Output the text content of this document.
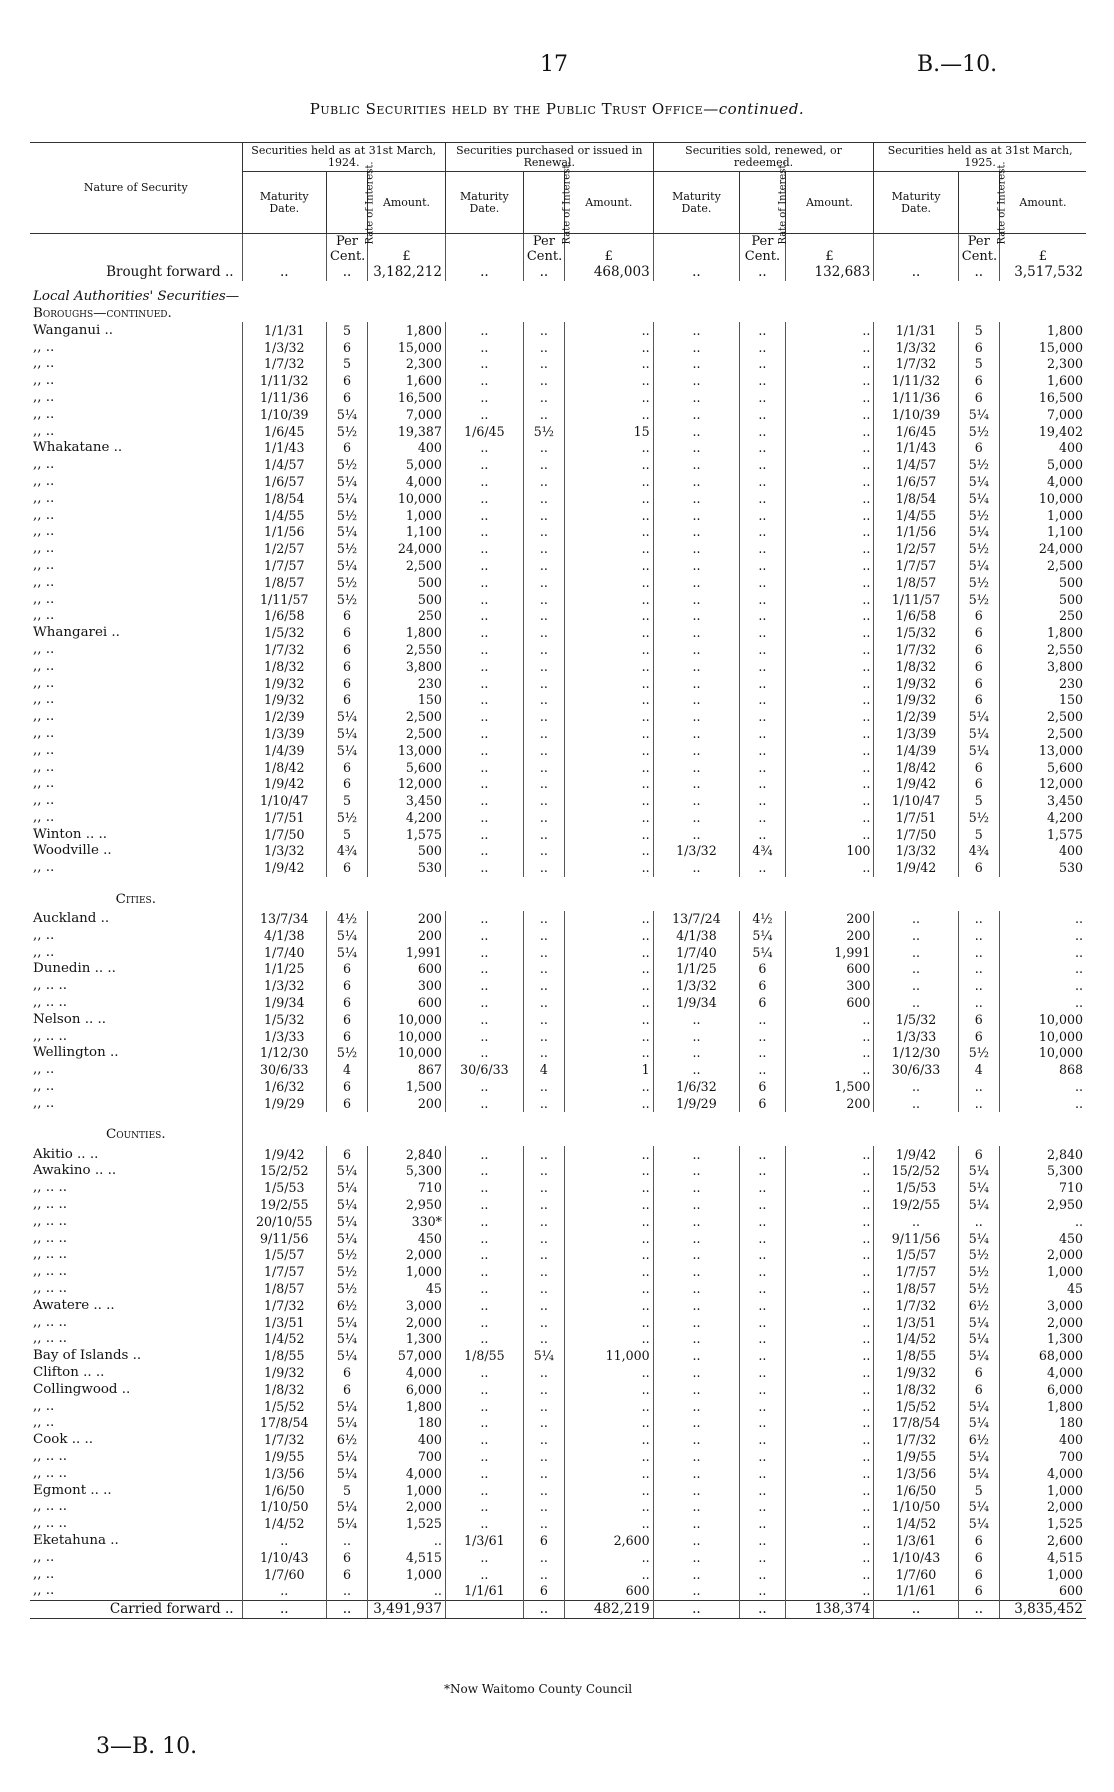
17	B.—10.
Public Securities held by the Public Trust Office—continued.
Nature of Security	Securities held as at 31st March, 1924.			Securities purchased or issued in Renewal.			Securities sold, renewed, or redeemed.			Securities held as at 31st March, 1925.		
	Maturity Date.	Rate of Interest.	Amount.	Maturity Date.	Rate of Interest.	Amount.	Maturity Date.	Rate of Interest.	Amount.	Maturity Date.	Rate of Interest.	Amount.
		Per Cent.	£		Per Cent.	£		Per Cent.	£		Per Cent.	£
Brought forward ..	..	..	3,182,212	..	..	468,003	..	..	132,683	..	..	3,517,532
Local Authorities' Securities—												
Boroughs—continued.												
Wanganui ..	1/1/31	5	1,800	..	..	..	..	..	..	1/1/31	5	1,800
,, ..	1/3/32	6	15,000	..	..	..	..	..	..	1/3/32	6	15,000
,, ..	1/7/32	5	2,300	..	..	..	..	..	..	1/7/32	5	2,300
,, ..	1/11/32	6	1,600	..	..	..	..	..	..	1/11/32	6	1,600
,, ..	1/11/36	6	16,500	..	..	..	..	..	..	1/11/36	6	16,500
,, ..	1/10/39	5¼	7,000	..	..	..	..	..	..	1/10/39	5¼	7,000
,, ..	1/6/45	5½	19,387	1/6/45	5½	15	..	..	..	1/6/45	5½	19,402
Whakatane ..	1/1/43	6	400	..	..	..	..	..	..	1/1/43	6	400
,, ..	1/4/57	5½	5,000	..	..	..	..	..	..	1/4/57	5½	5,000
,, ..	1/6/57	5¼	4,000	..	..	..	..	..	..	1/6/57	5¼	4,000
,, ..	1/8/54	5¼	10,000	..	..	..	..	..	..	1/8/54	5¼	10,000
,, ..	1/4/55	5½	1,000	..	..	..	..	..	..	1/4/55	5½	1,000
,, ..	1/1/56	5¼	1,100	..	..	..	..	..	..	1/1/56	5¼	1,100
,, ..	1/2/57	5½	24,000	..	..	..	..	..	..	1/2/57	5½	24,000
,, ..	1/7/57	5¼	2,500	..	..	..	..	..	..	1/7/57	5¼	2,500
,, ..	1/8/57	5½	500	..	..	..	..	..	..	1/8/57	5½	500
,, ..	1/11/57	5½	500	..	..	..	..	..	..	1/11/57	5½	500
,, ..	1/6/58	6	250	..	..	..	..	..	..	1/6/58	6	250
Whangarei ..	1/5/32	6	1,800	..	..	..	..	..	..	1/5/32	6	1,800
,, ..	1/7/32	6	2,550	..	..	..	..	..	..	1/7/32	6	2,550
,, ..	1/8/32	6	3,800	..	..	..	..	..	..	1/8/32	6	3,800
,, ..	1/9/32	6	230	..	..	..	..	..	..	1/9/32	6	230
,, ..	1/9/32	6	150	..	..	..	..	..	..	1/9/32	6	150
,, ..	1/2/39	5¼	2,500	..	..	..	..	..	..	1/2/39	5¼	2,500
,, ..	1/3/39	5¼	2,500	..	..	..	..	..	..	1/3/39	5¼	2,500
,, ..	1/4/39	5¼	13,000	..	..	..	..	..	..	1/4/39	5¼	13,000
,, ..	1/8/42	6	5,600	..	..	..	..	..	..	1/8/42	6	5,600
,, ..	1/9/42	6	12,000	..	..	..	..	..	..	1/9/42	6	12,000
,, ..	1/10/47	5	3,450	..	..	..	..	..	..	1/10/47	5	3,450
,, ..	1/7/51	5½	4,200	..	..	..	..	..	..	1/7/51	5½	4,200
Winton .. ..	1/7/50	5	1,575	..	..	..	..	..	..	1/7/50	5	1,575
Woodville ..	1/3/32	4¾	500	..	..	..	1/3/32	4¾	100	1/3/32	4¾	400
,, ..	1/9/42	6	530	..	..	..	..	..	..	1/9/42	6	530
Cities.												
Auckland ..	13/7/34	4½	200	..	..	..	13/7/24	4½	200	..	..	..
,, ..	4/1/38	5¼	200	..	..	..	4/1/38	5¼	200	..	..	..
,, ..	1/7/40	5¼	1,991	..	..	..	1/7/40	5¼	1,991	..	..	..
Dunedin .. ..	1/1/25	6	600	..	..	..	1/1/25	6	600	..	..	..
,, .. ..	1/3/32	6	300	..	..	..	1/3/32	6	300	..	..	..
,, .. ..	1/9/34	6	600	..	..	..	1/9/34	6	600	..	..	..
Nelson .. ..	1/5/32	6	10,000	..	..	..	..	..	..	1/5/32	6	10,000
,, .. ..	1/3/33	6	10,000	..	..	..	..	..	..	1/3/33	6	10,000
Wellington ..	1/12/30	5½	10,000	..	..	..	..	..	..	1/12/30	5½	10,000
,, ..	30/6/33	4	867	30/6/33	4	1	..	..	..	30/6/33	4	868
,, ..	1/6/32	6	1,500	..	..	..	1/6/32	6	1,500	..	..	..
,, ..	1/9/29	6	200	..	..	..	1/9/29	6	200	..	..	..
Counties.												
Akitio .. ..	1/9/42	6	2,840	..	..	..	..	..	..	1/9/42	6	2,840
Awakino .. ..	15/2/52	5¼	5,300	..	..	..	..	..	..	15/2/52	5¼	5,300
,, .. ..	1/5/53	5¼	710	..	..	..	..	..	..	1/5/53	5¼	710
,, .. ..	19/2/55	5¼	2,950	..	..	..	..	..	..	19/2/55	5¼	2,950
,, .. ..	20/10/55	5¼	330*	..	..	..	..	..	..	..	..	..
,, .. ..	9/11/56	5¼	450	..	..	..	..	..	..	9/11/56	5¼	450
,, .. ..	1/5/57	5½	2,000	..	..	..	..	..	..	1/5/57	5½	2,000
,, .. ..	1/7/57	5½	1,000	..	..	..	..	..	..	1/7/57	5½	1,000
,, .. ..	1/8/57	5½	45	..	..	..	..	..	..	1/8/57	5½	45
Awatere .. ..	1/7/32	6½	3,000	..	..	..	..	..	..	1/7/32	6½	3,000
,, .. ..	1/3/51	5¼	2,000	..	..	..	..	..	..	1/3/51	5¼	2,000
,, .. ..	1/4/52	5¼	1,300	..	..	..	..	..	..	1/4/52	5¼	1,300
Bay of Islands ..	1/8/55	5¼	57,000	1/8/55	5¼	11,000	..	..	..	1/8/55	5¼	68,000
Clifton .. ..	1/9/32	6	4,000	..	..	..	..	..	..	1/9/32	6	4,000
Collingwood ..	1/8/32	6	6,000	..	..	..	..	..	..	1/8/32	6	6,000
,, ..	1/5/52	5¼	1,800	..	..	..	..	..	..	1/5/52	5¼	1,800
,, ..	17/8/54	5¼	180	..	..	..	..	..	..	17/8/54	5¼	180
Cook .. ..	1/7/32	6½	400	..	..	..	..	..	..	1/7/32	6½	400
,, .. ..	1/9/55	5¼	700	..	..	..	..	..	..	1/9/55	5¼	700
,, .. ..	1/3/56	5¼	4,000	..	..	..	..	..	..	1/3/56	5¼	4,000
Egmont .. ..	1/6/50	5	1,000	..	..	..	..	..	..	1/6/50	5	1,000
,, .. ..	1/10/50	5¼	2,000	..	..	..	..	..	..	1/10/50	5¼	2,000
,, .. ..	1/4/52	5¼	1,525	..	..	..	..	..	..	1/4/52	5¼	1,525
Eketahuna ..	..	..	..	1/3/61	6	2,600	..	..	..	1/3/61	6	2,600
,, ..	1/10/43	6	4,515	..	..	..	..	..	..	1/10/43	6	4,515
,, ..	1/7/60	6	1,000	..	..	..	..	..	..	1/7/60	6	1,000
,, ..	..	..	..	1/1/61	6	600	..	..	..	1/1/61	6	600
Carried forward ..	..	..	3,491,937		..	482,219	..	..	138,374	..	..	3,835,452
*Now Waitomo County Council
3—B. 10.
